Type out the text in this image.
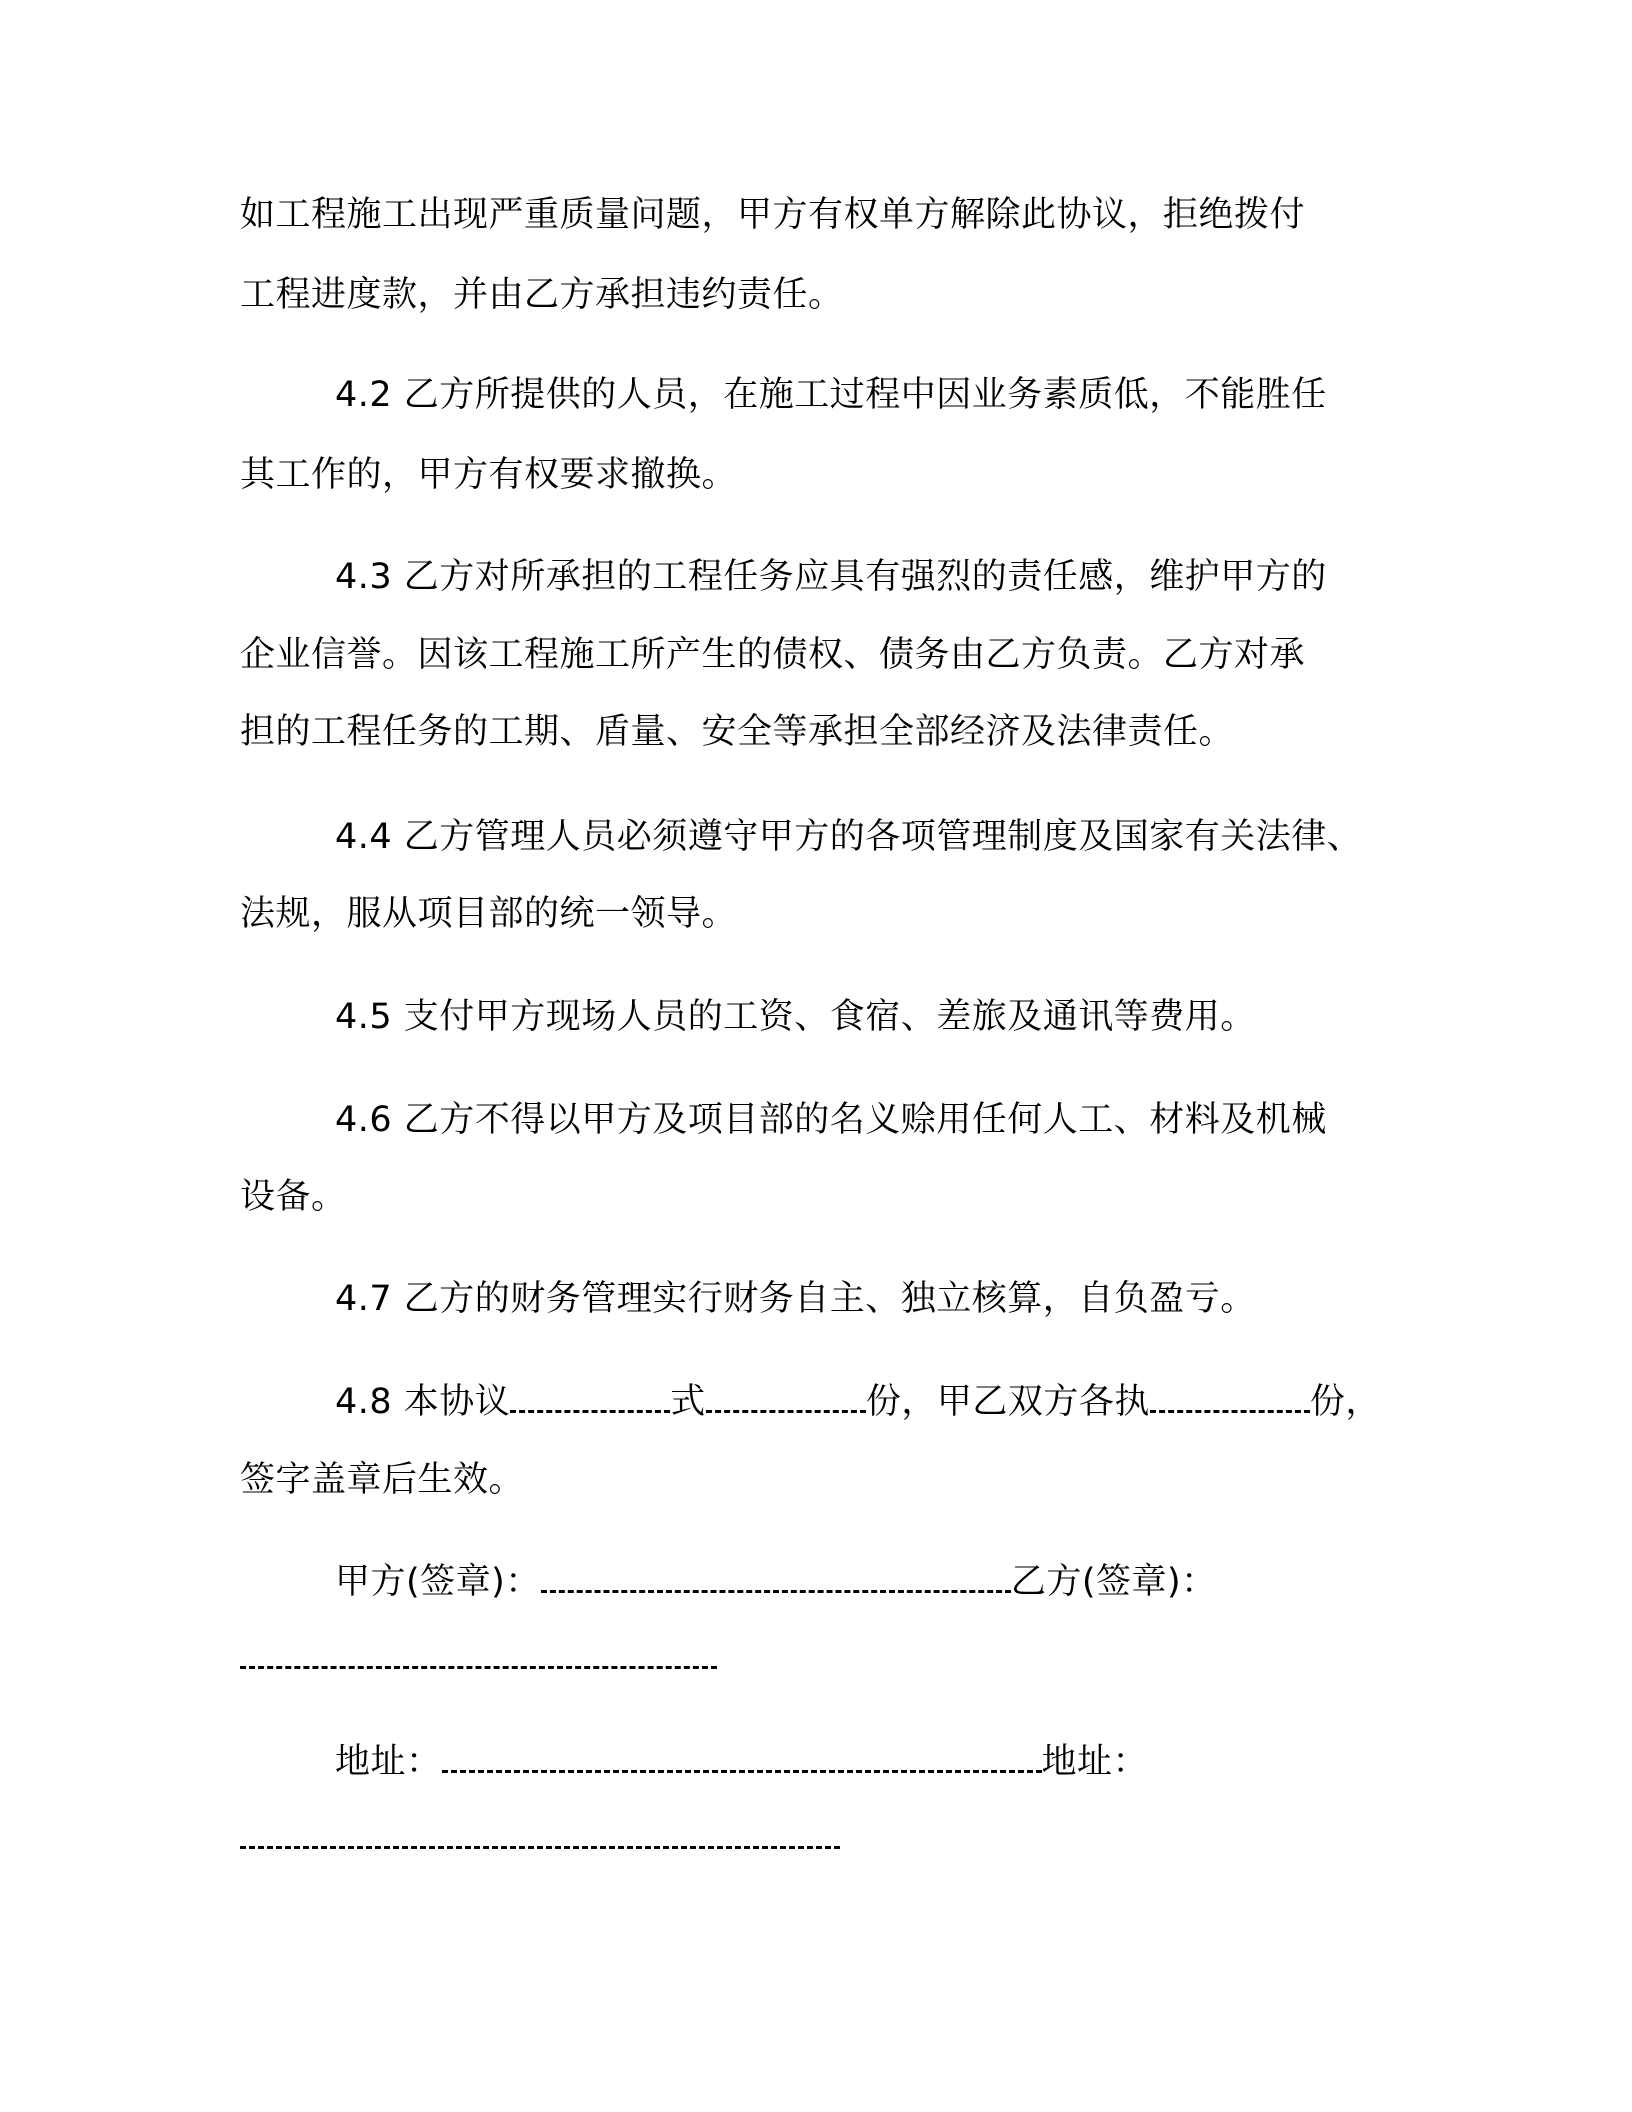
如工程施工出现严重质量问题，甲方有权单方解除此协议，拒绝拨付
工程进度款，并由乙方承担违约责任。
4.2 乙方所提供的人员，在施工过程中因业务素质低，不能胜任
其工作的，甲方有权要求撤换。
4.3 乙方对所承担的工程任务应具有强烈的责任感，维护甲方的
企业信誉。因该工程施工所产生的债权、债务由乙方负责。乙方对承
担的工程任务的工期、盾量、安全等承担全部经济及法律责任。
4.4 乙方管理人员必须遵守甲方的各项管理制度及国家有关法律、
法规，服从项目部的统一领导。
4.5 支付甲方现场人员的工资、食宿、差旅及通讯等费用。
4.6 乙方不得以甲方及项目部的名义赊用任何人工、材料及机械
设备。
4.7 乙方的财务管理实行财务自主、独立核算，自负盈亏。
4.8 本协议	式	份，甲乙双方各执	份，
签字盖章后生效。
甲方(签章)：	乙方(签章)：
地址：	地址：
